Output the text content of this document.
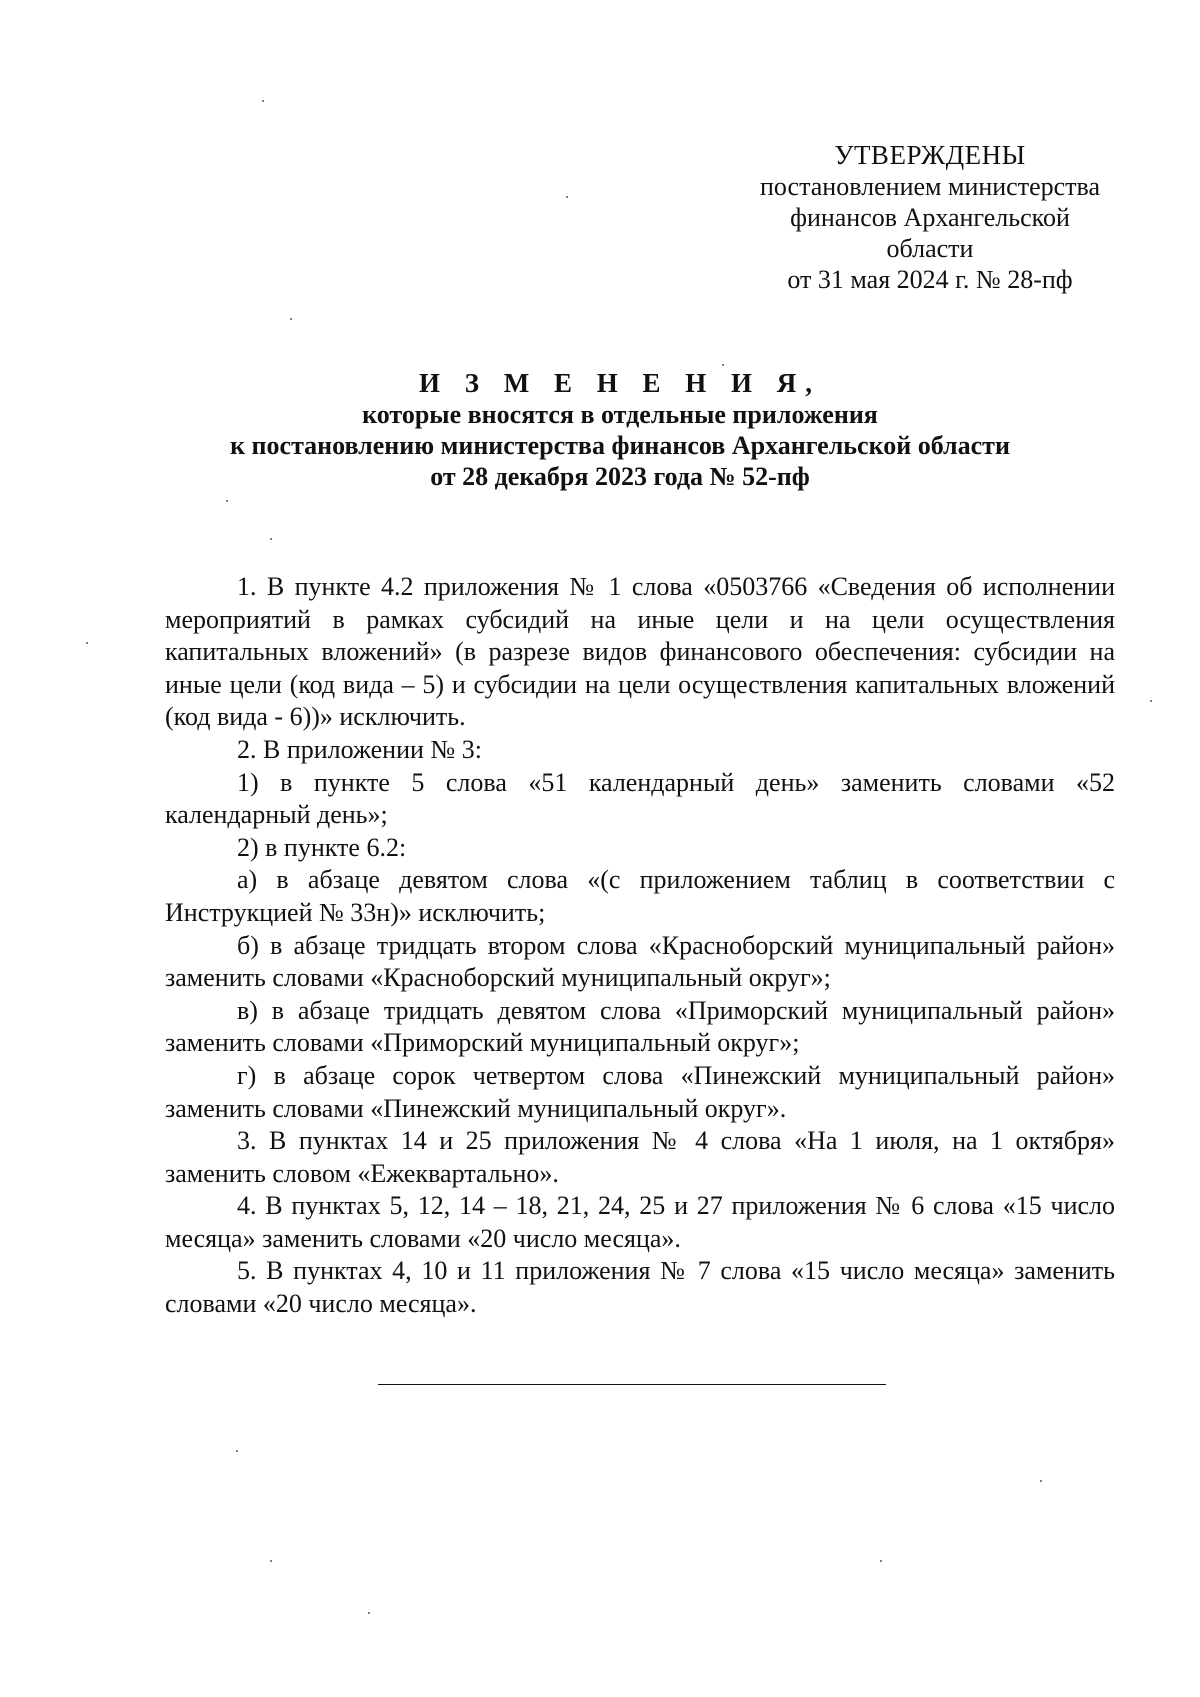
УТВЕРЖДЕНЫ
постановлением министерства
финансов Архангельской
области
от 31 мая 2024 г. № 28-пф
И З М Е Н Е Н И Я,
которые вносятся в отдельные приложения
к постановлению министерства финансов Архангельской области
от 28 декабря 2023 года № 52-пф

1. В пункте 4.2 приложения № 1 слова «0503766 «Сведения об исполнении мероприятий в рамках субсидий на иные цели и на цели осуществления капитальных вложений» (в разрезе видов финансового обеспечения: субсидии на иные цели (код вида – 5) и субсидии на цели осуществления капитальных вложений (код вида - 6))» исключить.

2. В приложении № 3:

1) в пункте 5 слова «51 календарный день» заменить словами «52 календарный день»;

2) в пункте 6.2:

а) в абзаце девятом слова «(с приложением таблиц в соответствии с Инструкцией № 33н)» исключить;

б) в абзаце тридцать втором слова «Красноборский муниципальный район» заменить словами «Красноборский муниципальный округ»;

в) в абзаце тридцать девятом слова «Приморский муниципальный район» заменить словами «Приморский муниципальный округ»;

г) в абзаце сорок четвертом слова «Пинежский муниципальный район» заменить словами «Пинежский муниципальный округ».

3. В пунктах 14 и 25 приложения № 4 слова «На 1 июля, на 1 октября» заменить словом «Ежеквартально».

4. В пунктах 5, 12, 14 – 18, 21, 24, 25 и 27 приложения № 6 слова «15 число месяца» заменить словами «20 число месяца».

5. В пунктах 4, 10 и 11 приложения № 7 слова «15 число месяца» заменить словами «20 число месяца».
